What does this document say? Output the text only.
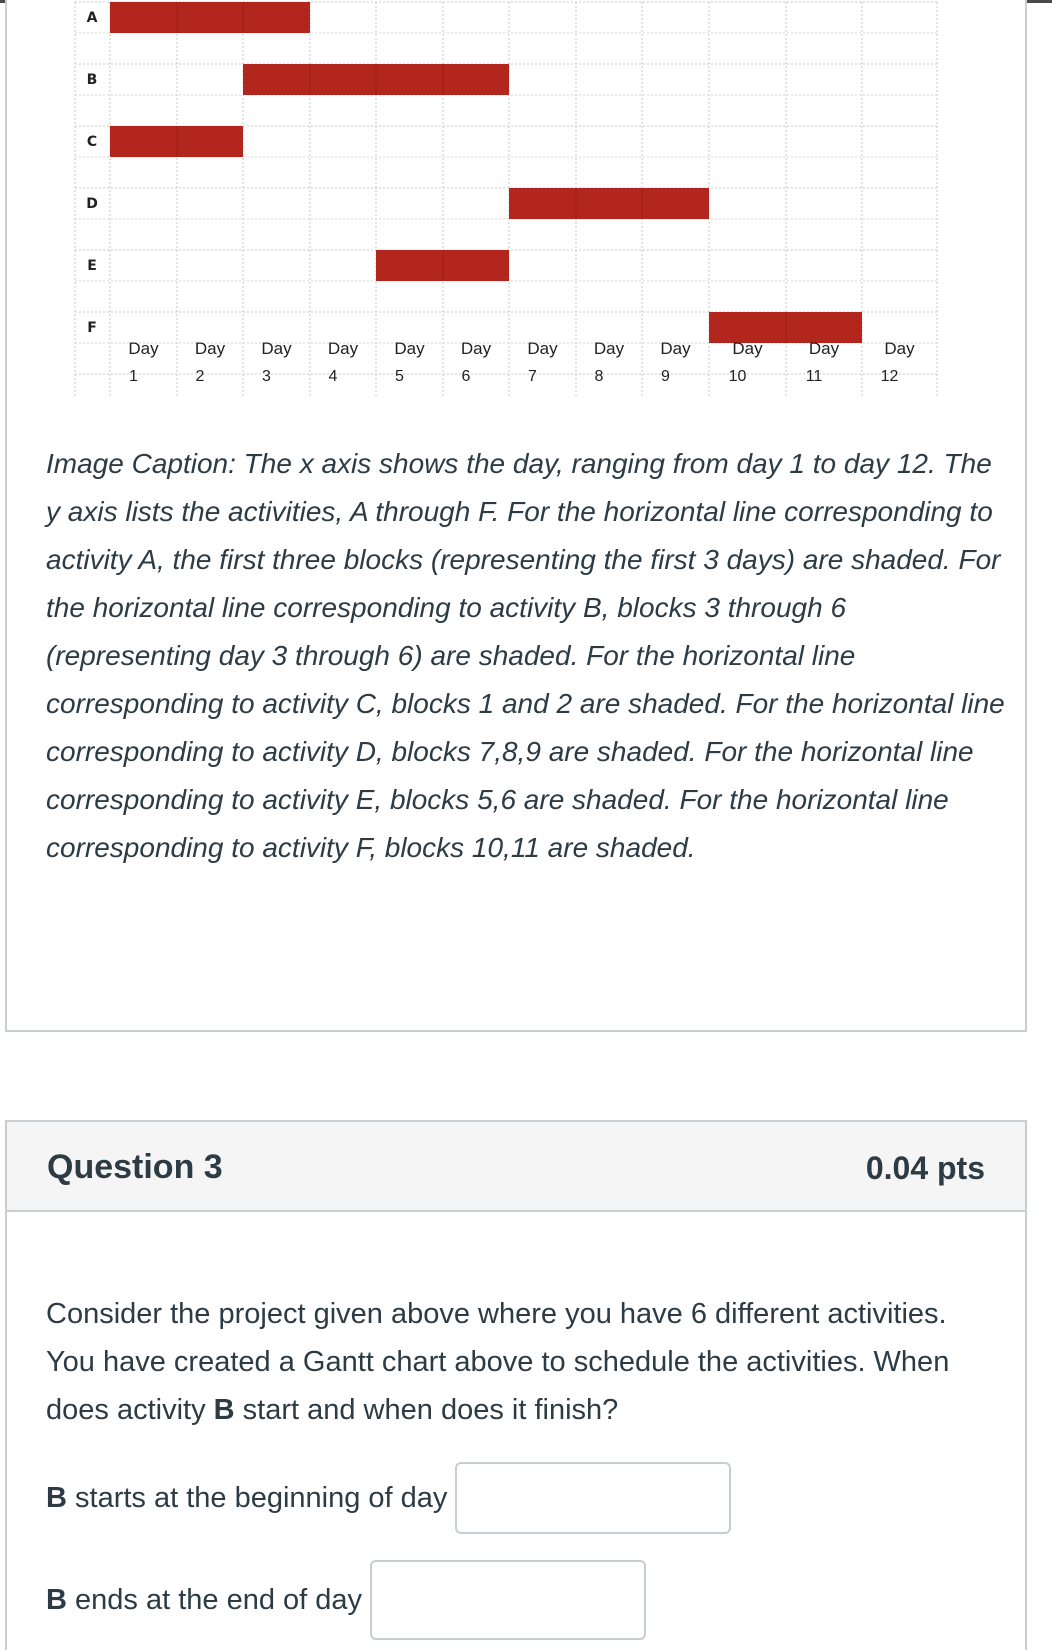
A
B
C
D
E
F
Day
1
Day
2
Day
3
Day
4
Day
5
Day
6
Day
7
Day
8
Day
9
Day
10
Day
11
Day
12

Image Caption: The x axis shows the day, ranging from day 1 to day 12. The y axis lists the activities, A through F. For the horizontal line corresponding to activity A, the first three blocks (representing the first 3 days) are shaded. For the horizontal line corresponding to activity B, blocks 3 through 6 (representing day 3 through 6) are shaded. For the horizontal line corresponding to activity C, blocks 1 and 2 are shaded. For the horizontal line corresponding to activity D, blocks 7,8,9 are shaded. For the horizontal line corresponding to activity E, blocks 5,6 are shaded. For the horizontal line corresponding to activity F, blocks 10,11 are shaded.

Question 3	0.04 pts

Consider the project given above where you have 6 different activities. You have created a Gantt chart above to schedule the activities. When does activity B start and when does it finish?

B starts at the beginning of day
B ends at the end of day
